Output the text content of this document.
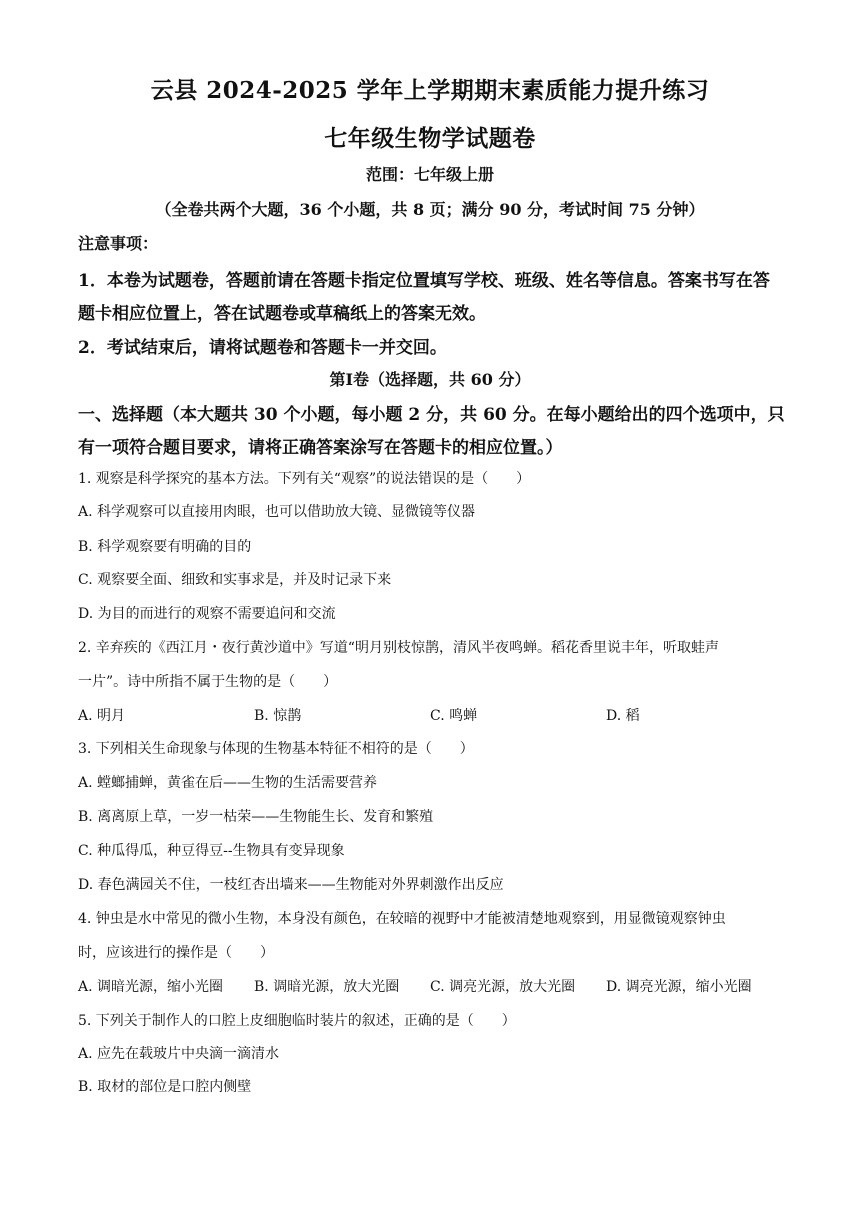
云县 2024-2025 学年上学期期末素质能力提升练习
七年级生物学试题卷
范围：七年级上册
（全卷共两个大题，36 个小题，共 8 页；满分 90 分，考试时间 75 分钟）
注意事项：
1．本卷为试题卷，答题前请在答题卡指定位置填写学校、班级、姓名等信息。答案书写在答
题卡相应位置上，答在试题卷或草稿纸上的答案无效。
2．考试结束后，请将试题卷和答题卡一并交回。
第Ⅰ卷（选择题，共 60 分）
一、选择题（本大题共 30 个小题，每小题 2 分，共 60 分。在每小题给出的四个选项中，只
有一项符合题目要求，请将正确答案涂写在答题卡的相应位置。）
1. 观察是科学探究的基本方法。下列有关“观察”的说法错误的是（　　）
A. 科学观察可以直接用肉眼，也可以借助放大镜、显微镜等仪器
B. 科学观察要有明确的目的
C. 观察要全面、细致和实事求是，并及时记录下来
D. 为目的而进行的观察不需要追问和交流
2. 辛弃疾的《西江月・夜行黄沙道中》写道“明月别枝惊鹊，清风半夜鸣蝉。稻花香里说丰年，听取蛙声
一片”。诗中所指不属于生物的是（　　）
A. 明月	B. 惊鹊	C. 鸣蝉	D. 稻
3. 下列相关生命现象与体现的生物基本特征不相符的是（　　）
A. 螳螂捕蝉，黄雀在后——生物的生活需要营养
B. 离离原上草，一岁一枯荣——生物能生长、发育和繁殖
C. 种瓜得瓜，种豆得豆--生物具有变异现象
D. 春色满园关不住，一枝红杏出墙来——生物能对外界刺激作出反应
4. 钟虫是水中常见的微小生物，本身没有颜色，在较暗的视野中才能被清楚地观察到，用显微镜观察钟虫
时，应该进行的操作是（　　）
A. 调暗光源，缩小光圈 B. 调暗光源，放大光圈 C. 调亮光源，放大光圈 D. 调亮光源，缩小光圈
5. 下列关于制作人的口腔上皮细胞临时装片的叙述，正确的是（　　）
A. 应先在载玻片中央滴一滴清水
B. 取材的部位是口腔内侧壁
